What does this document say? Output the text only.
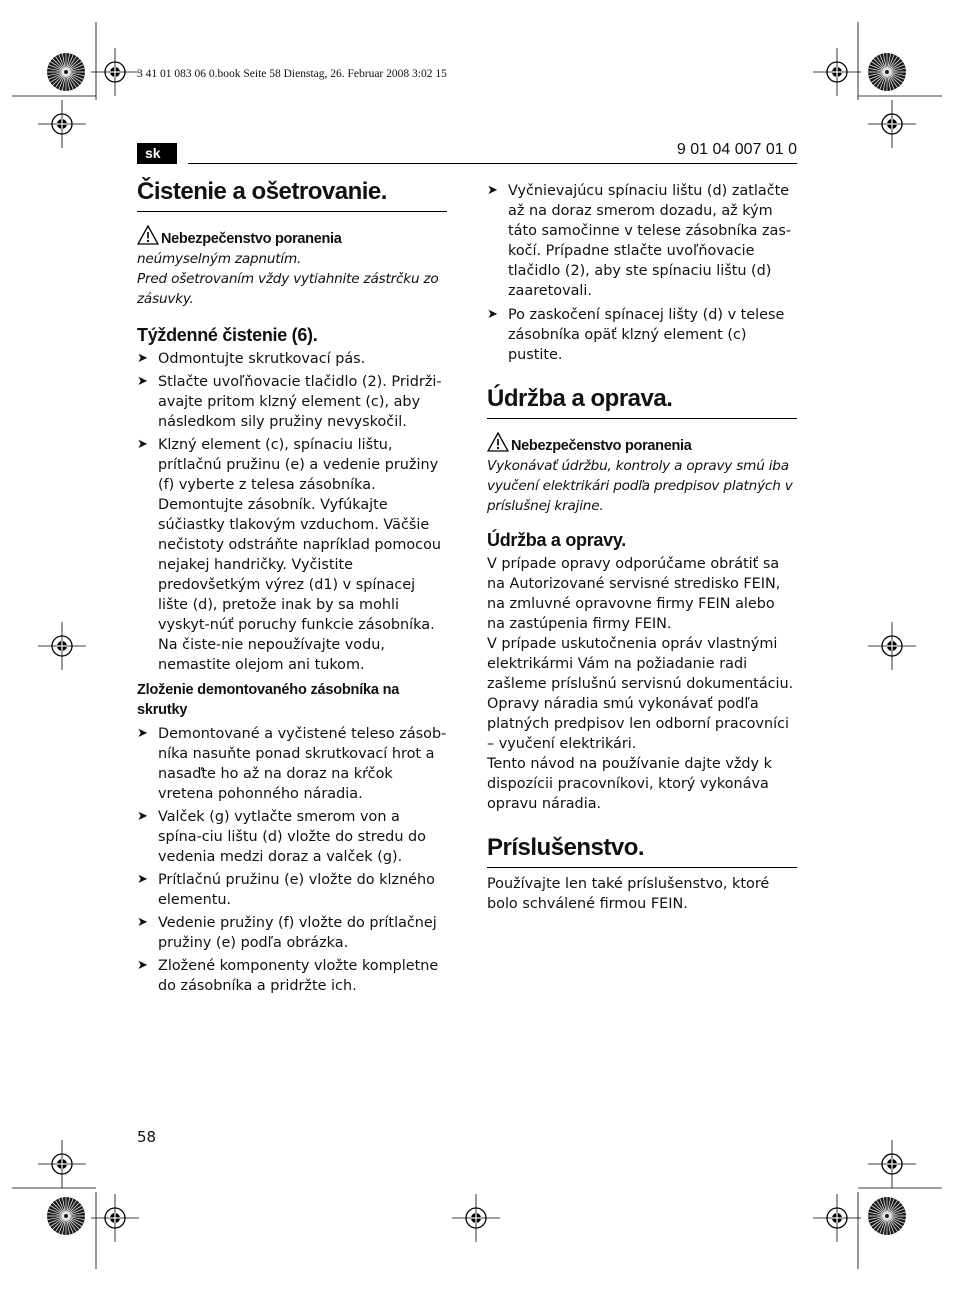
3 41 01 083 06 0.book Seite 58 Dienstag, 26. Februar 2008 3:02 15
sk	9 01 04 007 01 0
Čistenie a ošetrovanie.
Nebezpečenstvo poranenia

neúmyselným zapnutím.

Pred ošetrovaním vždy vytiahnite zástrčku zo zásuvky.

Týždenné čistenie (6).
➤ Odmontujte skrutkovací pás.
➤ Stlačte uvoľňovacie tlačidlo (2). Pridrži-avajte pritom klzný element (c), aby následkom sily pružiny nevyskočil.
➤ Klzný element (c), spínaciu lištu, prítlačnú pružinu (e) a vedenie pružiny (f) vyberte z telesa zásobníka. Demontujte zásobník. Vyfúkajte súčiastky tlakovým vzduchom. Väčšie nečistoty odstráňte napríklad pomocou nejakej handričky. Vyčistite predovšetkým výrez (d1) v spínacej lište (d), pretože inak by sa mohli vyskyt-núť poruchy funkcie zásobníka. Na čiste-nie nepoužívajte vodu, nemastite olejom ani tukom.
Zloženie demontovaného zásobníka na skrutky
➤ Demontované a vyčistené teleso zásob-níka nasuňte ponad skrutkovací hrot a nasaďte ho až na doraz na kŕčok vretena pohonného náradia.
➤ Valček (g) vytlačte smerom von a spína-ciu lištu (d) vložte do stredu do vedenia medzi doraz a valček (g).
➤ Prítlačnú pružinu (e) vložte do klzného elementu.
➤ Vedenie pružiny (f) vložte do prítlačnej pružiny (e) podľa obrázka.
➤ Zložené komponenty vložte kompletne do zásobníka a pridržte ich.
➤ Vyčnievajúcu spínaciu lištu (d) zatlačte až na doraz smerom dozadu, až kým táto samočinne v telese zásobníka zas-kočí. Prípadne stlačte uvoľňovacie tlačidlo (2), aby ste spínaciu lištu (d) zaaretovali.
➤ Po zaskočení spínacej lišty (d) v telese zásobníka opäť klzný element (c) pustite.
Údržba a oprava.
Nebezpečenstvo poranenia

Vykonávať údržbu, kontroly a opravy smú iba vyučení elektrikári podľa predpisov platných v príslušnej krajine.

Údržba a opravy.

V prípade opravy odporúčame obrátiť sa na Autorizované servisné stredisko FEIN, na zmluvné opravovne firmy FEIN alebo na zastúpenia firmy FEIN.

V prípade uskutočnenia opráv vlastnými elektrikármi Vám na požiadanie radi zašleme príslušnú servisnú dokumentáciu.

Opravy náradia smú vykonávať podľa platných predpisov len odborní pracovníci – vyučení elektrikári.

Tento návod na používanie dajte vždy k dispozícii pracovníkovi, ktorý vykonáva opravu náradia.

Príslušenstvo.

Používajte len také príslušenstvo, ktoré bolo schválené firmou FEIN.

58
